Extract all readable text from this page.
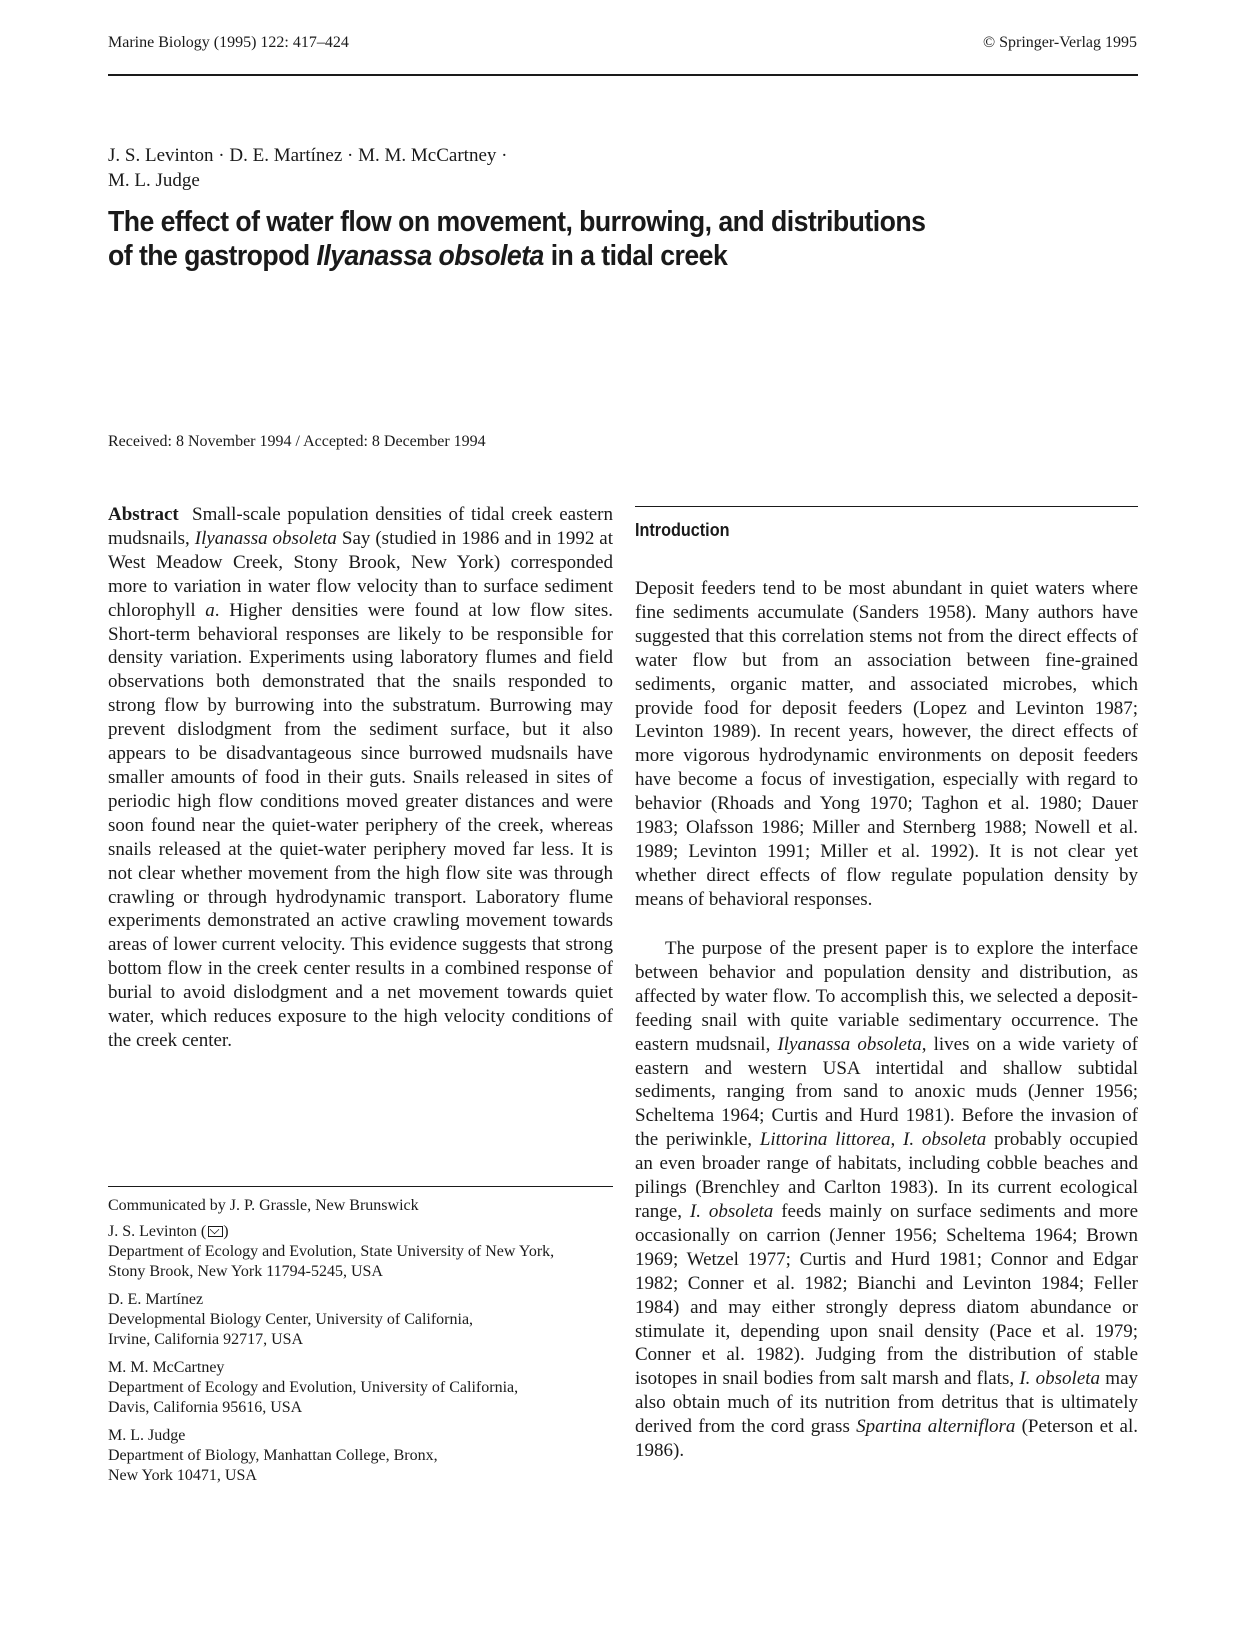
Marine Biology (1995) 122: 417–424	© Springer-Verlag 1995
J. S. Levinton · D. E. Martínez · M. M. McCartney ·
M. L. Judge
The effect of water flow on movement, burrowing, and distributions
of the gastropod Ilyanassa obsoleta in a tidal creek
Received: 8 November 1994 / Accepted: 8 December 1994
Abstract Small-scale population densities of tidal creek eastern mudsnails, Ilyanassa obsoleta Say (studied in 1986 and in 1992 at West Meadow Creek, Stony Brook, New York) corresponded more to variation in water flow velocity than to surface sediment chlorophyll a. Higher densities were found at low flow sites. Short-term behavioral responses are likely to be responsible for density variation. Experiments using laboratory flumes and field observations both demonstrated that the snails responded to strong flow by burrowing into the substratum. Burrowing may prevent dislodgment from the sediment surface, but it also appears to be disadvantageous since burrowed mudsnails have smaller amounts of food in their guts. Snails released in sites of periodic high flow conditions moved greater distances and were soon found near the quiet-water periphery of the creek, whereas snails released at the quiet-water periphery moved far less. It is not clear whether movement from the high flow site was through crawling or through hydrodynamic transport. Laboratory flume experiments demonstrated an active crawling movement towards areas of lower current velocity. This evidence suggests that strong bottom flow in the creek center results in a combined response of burial to avoid dislodgment and a net movement towards quiet water, which reduces exposure to the high velocity conditions of the creek center.
Communicated by J. P. Grassle, New Brunswick
J. S. Levinton ( )
Department of Ecology and Evolution, State University of New York,
Stony Brook, New York 11794-5245, USA
D. E. Martínez
Developmental Biology Center, University of California,
Irvine, California 92717, USA
M. M. McCartney
Department of Ecology and Evolution, University of California,
Davis, California 95616, USA
M. L. Judge
Department of Biology, Manhattan College, Bronx,
New York 10471, USA
Introduction
Deposit feeders tend to be most abundant in quiet waters where fine sediments accumulate (Sanders 1958). Many authors have suggested that this correlation stems not from the direct effects of water flow but from an association between fine-grained sediments, organic matter, and associated microbes, which provide food for deposit feeders (Lopez and Levinton 1987; Levinton 1989). In recent years, however, the direct effects of more vigorous hydrodynamic environments on deposit feeders have become a focus of investigation, especially with regard to behavior (Rhoads and Yong 1970; Taghon et al. 1980; Dauer 1983; Olafsson 1986; Miller and Sternberg 1988; Nowell et al. 1989; Levinton 1991; Miller et al. 1992). It is not clear yet whether direct effects of flow regulate population density by means of behavioral responses.
The purpose of the present paper is to explore the interface between behavior and population density and distribution, as affected by water flow. To accomplish this, we selected a deposit-feeding snail with quite variable sedimentary occurrence. The eastern mudsnail, Ilyanassa obsoleta, lives on a wide variety of eastern and western USA intertidal and shallow subtidal sediments, ranging from sand to anoxic muds (Jenner 1956; Scheltema 1964; Curtis and Hurd 1981). Before the invasion of the periwinkle, Littorina littorea, I. obsoleta probably occupied an even broader range of habitats, including cobble beaches and pilings (Brenchley and Carlton 1983). In its current ecological range, I. obsoleta feeds mainly on surface sediments and more occasionally on carrion (Jenner 1956; Scheltema 1964; Brown 1969; Wetzel 1977; Curtis and Hurd 1981; Connor and Edgar 1982; Conner et al. 1982; Bianchi and Levinton 1984; Feller 1984) and may either strongly depress diatom abundance or stimulate it, depending upon snail density (Pace et al. 1979; Conner et al. 1982). Judging from the distribution of stable isotopes in snail bodies from salt marsh and flats, I. obsoleta may also obtain much of its nutrition from detritus that is ultimately derived from the cord grass Spartina alterniflora (Peterson et al. 1986).
